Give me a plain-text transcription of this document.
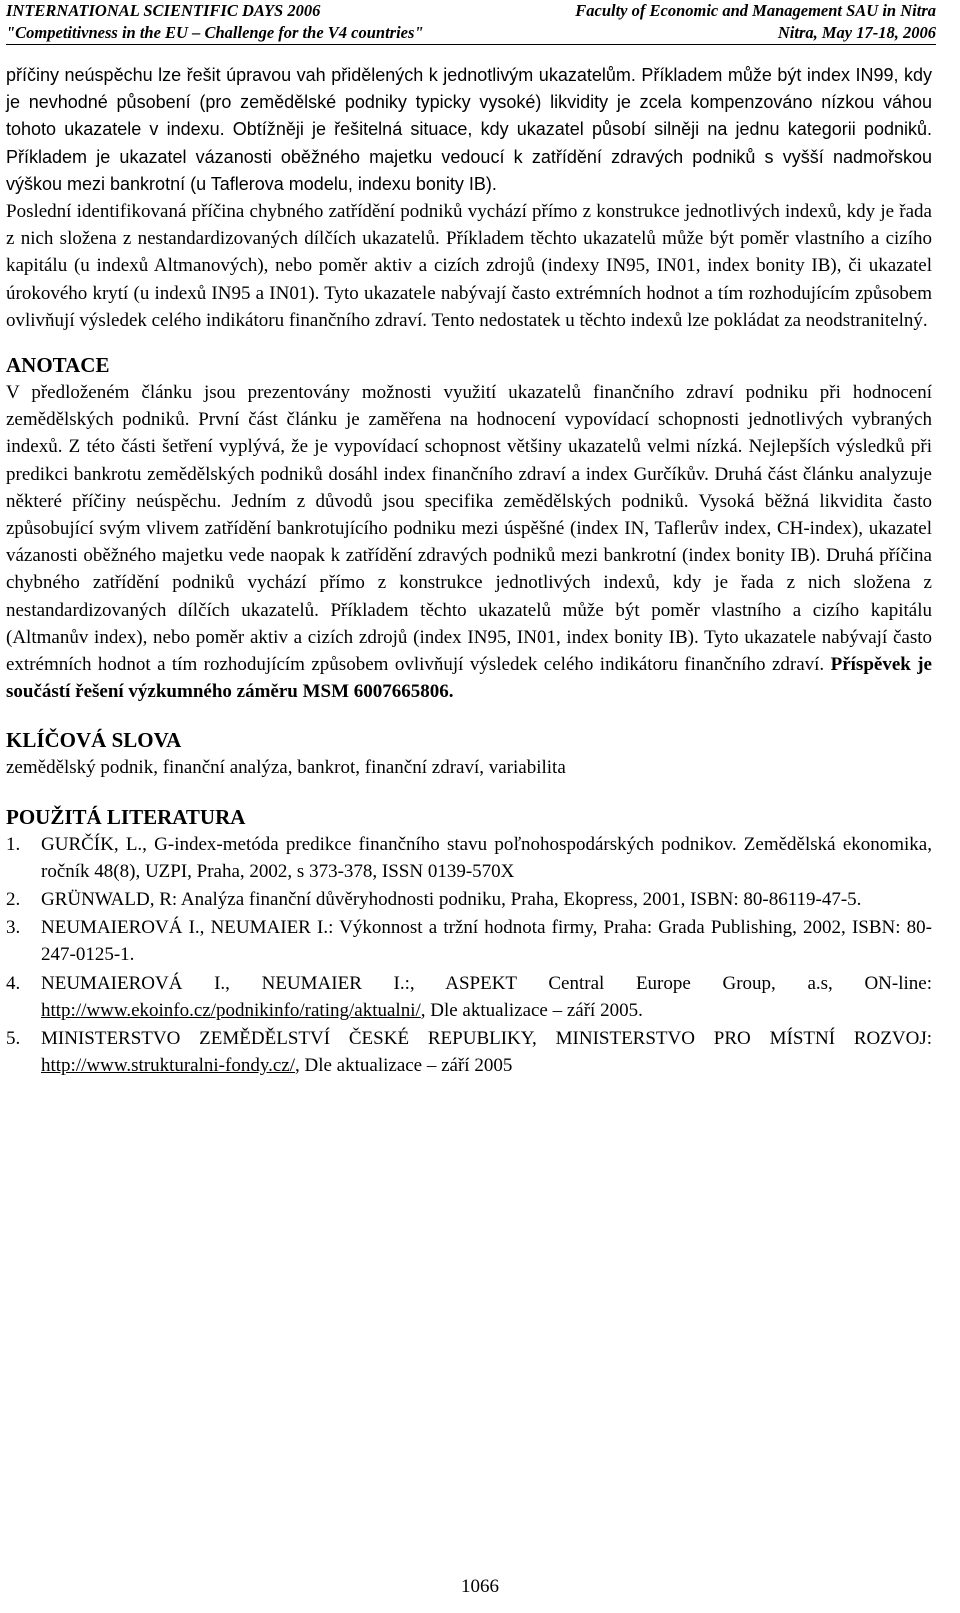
INTERNATIONAL SCIENTIFIC DAYS 2006	Faculty of Economic and Management SAU in Nitra
"Competitivness in the EU – Challenge for the V4 countries"	Nitra, May 17-18, 2006

příčiny neúspěchu lze řešit úpravou vah přidělených k jednotlivým ukazatelům. Příkladem může být index IN99, kdy je nevhodné působení (pro zemědělské podniky typicky vysoké) likvidity je zcela kompenzováno nízkou váhou tohoto ukazatele v indexu. Obtížněji je řešitelná situace, kdy ukazatel působí silněji na jednu kategorii podniků. Příkladem je ukazatel vázanosti oběžného majetku vedoucí k zatřídění zdravých podniků s vyšší nadmořskou výškou mezi bankrotní (u Taflerova modelu, indexu bonity IB).

Poslední identifikovaná příčina chybného zatřídění podniků vychází přímo z konstrukce jednotlivých indexů, kdy je řada z nich složena z nestandardizovaných dílčích ukazatelů. Příkladem těchto ukazatelů může být poměr vlastního a cizího kapitálu (u indexů Altmanových), nebo poměr aktiv a cizích zdrojů (indexy IN95, IN01, index bonity IB), či ukazatel úrokového krytí (u indexů IN95 a IN01). Tyto ukazatele nabývají často extrémních hodnot a tím rozhodujícím způsobem ovlivňují výsledek celého indikátoru finančního zdraví. Tento nedostatek u těchto indexů lze pokládat za neodstranitelný.

ANOTACE

V předloženém článku jsou prezentovány možnosti využití ukazatelů finančního zdraví podniku při hodnocení zemědělských podniků. První část článku je zaměřena na hodnocení vypovídací schopnosti jednotlivých vybraných indexů. Z této části šetření vyplývá, že je vypovídací schopnost většiny ukazatelů velmi nízká. Nejlepších výsledků při predikci bankrotu zemědělských podniků dosáhl index finančního zdraví a index Gurčíkův. Druhá část článku analyzuje některé příčiny neúspěchu. Jedním z důvodů jsou specifika zemědělských podniků. Vysoká běžná likvidita často způsobující svým vlivem zatřídění bankrotujícího podniku mezi úspěšné (index IN, Taflerův index, CH-index), ukazatel vázanosti oběžného majetku vede naopak k zatřídění zdravých podniků mezi bankrotní (index bonity IB). Druhá příčina chybného zatřídění podniků vychází přímo z konstrukce jednotlivých indexů, kdy je řada z nich složena z nestandardizovaných dílčích ukazatelů. Příkladem těchto ukazatelů může být poměr vlastního a cizího kapitálu (Altmanův index), nebo poměr aktiv a cizích zdrojů (index IN95, IN01, index bonity IB). Tyto ukazatele nabývají často extrémních hodnot a tím rozhodujícím způsobem ovlivňují výsledek celého indikátoru finančního zdraví. Příspěvek je součástí řešení výzkumného záměru MSM 6007665806.

KLÍČOVÁ SLOVA

zemědělský podnik, finanční analýza, bankrot, finanční zdraví, variabilita

POUŽITÁ LITERATURA
1. GURČÍK, L., G-index-metóda predikce finančního stavu poľnohospodárských podnikov. Zemědělská ekonomika, ročník 48(8), UZPI, Praha, 2002, s 373-378, ISSN 0139-570X
2. GRÜNWALD, R: Analýza finanční důvěryhodnosti podniku, Praha, Ekopress, 2001, ISBN: 80-86119-47-5.
3. NEUMAIEROVÁ I., NEUMAIER I.: Výkonnost a tržní hodnota firmy, Praha: Grada Publishing, 2002, ISBN: 80-247-0125-1.
4. NEUMAIEROVÁ I., NEUMAIER I.:, ASPEKT Central Europe Group, a.s, ON-line: http://www.ekoinfo.cz/podnikinfo/rating/aktualni/, Dle aktualizace – září 2005.
5. MINISTERSTVO ZEMĚDĚLSTVÍ ČESKÉ REPUBLIKY, MINISTERSTVO PRO MÍSTNÍ ROZVOJ: http://www.strukturalni-fondy.cz/, Dle aktualizace – září 2005
1066
